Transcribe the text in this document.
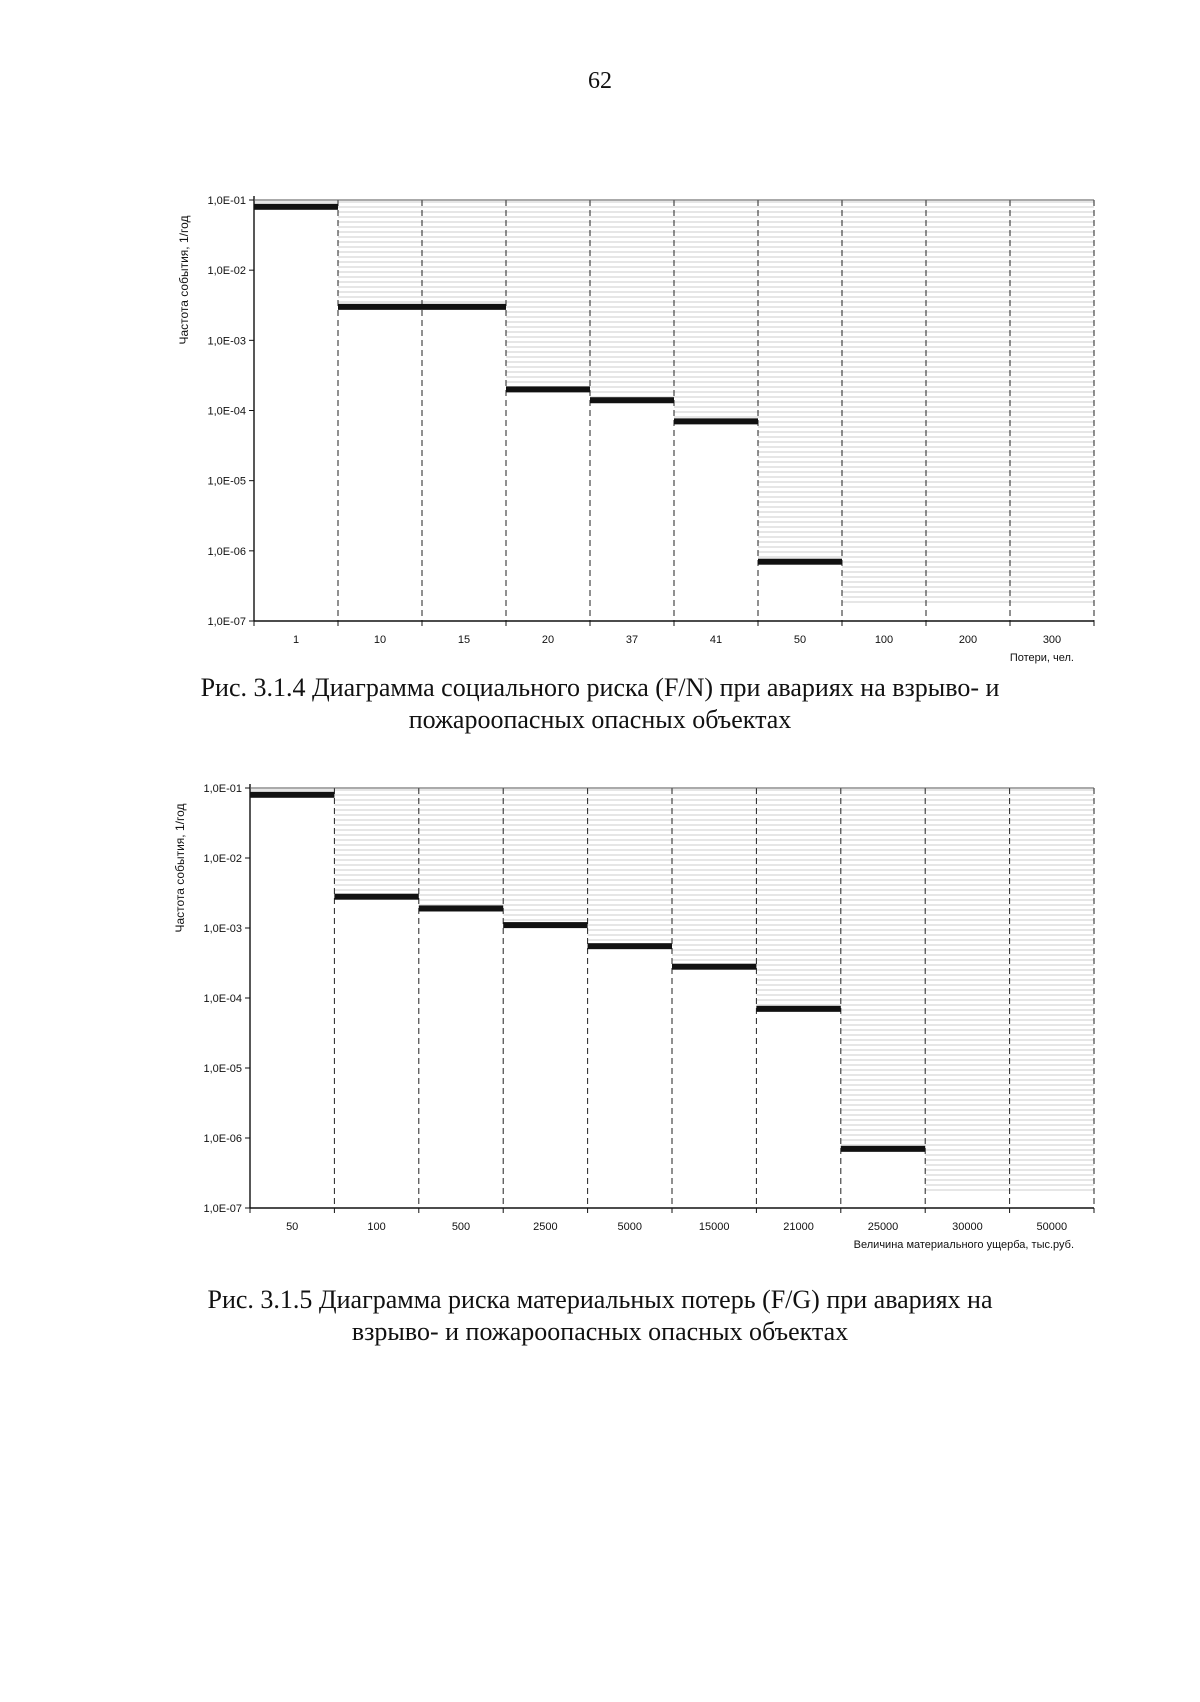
62
1,0E-01
1,0E-02
1,0E-03
1,0E-04
1,0E-05
1,0E-06
1,0E-07
Частота события, 1/год
1	10	15	20	37	41	50	100	200	300
Потери, чел.
Рис. 3.1.4 Диаграмма социального риска (F/N) при авариях на взрыво- и
пожароопасных опасных объектах
1,0E-01
1,0E-02
1,0E-03
1,0E-04
1,0E-05
1,0E-06
1,0E-07
Частота события, 1/год
50	100	500	2500	5000	15000	21000	25000	30000	50000
Величина материального ущерба, тыс.руб.
Рис. 3.1.5 Диаграмма риска материальных потерь (F/G) при авариях на
взрыво- и пожароопасных опасных объектах
